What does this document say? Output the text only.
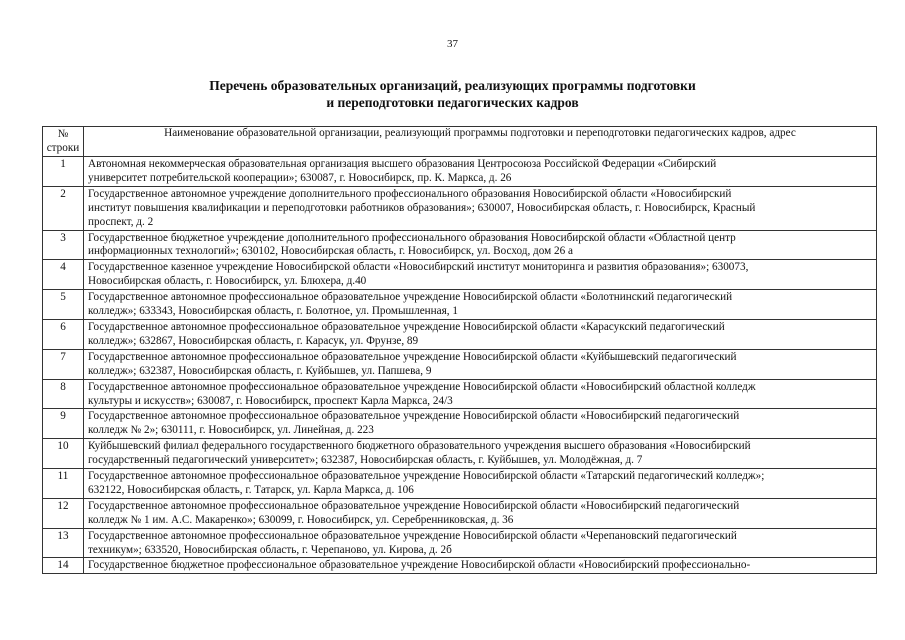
37
Перечень образовательных организаций, реализующих программы подготовки
и переподготовки педагогических кадров
№
строки	Наименование образовательной организации, реализующий программы подготовки и переподготовки педагогических кадров, адрес
1	Автономная некоммерческая образовательная организация высшего образования Центросоюза Российской Федерации «Сибирский
университет потребительской кооперации»; 630087, г. Новосибирск, пр. К. Маркса, д. 26

2	Государственное автономное учреждение дополнительного профессионального образования Новосибирской области «Новосибирский
институт повышения квалификации и переподготовки работников образования»; 630007, Новосибирская область, г. Новосибирск, Красный
проспект, д. 2

3	Государственное бюджетное учреждение дополнительного профессионального образования Новосибирской области «Областной центр
информационных технологий»; 630102, Новосибирская область, г. Новосибирск, ул. Восход, дом 26 а

4	Государственное казенное учреждение Новосибирской области «Новосибирский институт мониторинга и развития образования»; 630073,
Новосибирская область, г. Новосибирск, ул. Блюхера, д.40

5	Государственное автономное профессиональное образовательное учреждение Новосибирской области «Болотнинский педагогический
колледж»; 633343, Новосибирская область, г. Болотное, ул. Промышленная, 1

6	Государственное автономное профессиональное образовательное учреждение Новосибирской области «Карасукский педагогический
колледж»; 632867, Новосибирская область, г. Карасук, ул. Фрунзе, 89

7	Государственное автономное профессиональное образовательное учреждение Новосибирской области «Куйбышевский педагогический
колледж»; 632387, Новосибирская область, г. Куйбышев, ул. Папшева, 9

8	Государственное автономное профессиональное образовательное учреждение Новосибирской области «Новосибирский областной колледж
культуры и искусств»; 630087, г. Новосибирск, проспект Карла Маркса, 24/3

9	Государственное автономное профессиональное образовательное учреждение Новосибирской области «Новосибирский педагогический
колледж № 2»; 630111, г. Новосибирск, ул. Линейная, д. 223

10	Куйбышевский филиал федерального государственного бюджетного образовательного учреждения высшего образования «Новосибирский
государственный педагогический университет»; 632387, Новосибирская область, г. Куйбышев, ул. Молодёжная, д. 7

11	Государственное автономное профессиональное образовательное учреждение Новосибирской области «Татарский педагогический колледж»;
632122, Новосибирская область, г. Татарск, ул. Карла Маркса, д. 106

12	Государственное автономное профессиональное образовательное учреждение Новосибирской области «Новосибирский педагогический
колледж № 1 им. А.С. Макаренко»; 630099, г. Новосибирск, ул. Серебренниковская, д. 36

13	Государственное автономное профессиональное образовательное учреждение Новосибирской области «Черепановский педагогический
техникум»; 633520, Новосибирская область, г. Черепаново, ул. Кирова, д. 2б

14	Государственное бюджетное профессиональное образовательное учреждение Новосибирской области «Новосибирский профессионально-
